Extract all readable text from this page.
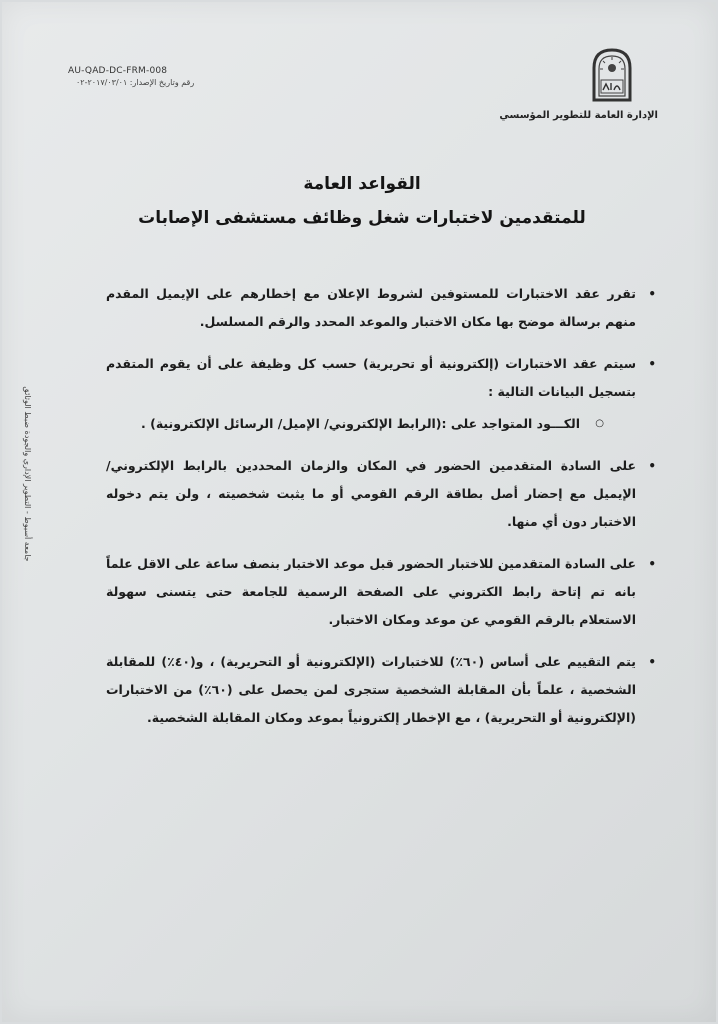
AU-QAD-DC-FRM-008
رقم وتاريخ الإصدار: ٢٠١٧/٠٣/٠١-٠٢
الإدارة العامة للتطوير المؤسسي
جامعة أسيوط - التطوير الإداري والجودة ضبط الوثائق
القواعد العامة
للمتقدمين لاختبارات شغل وظائف مستشفى الإصابات
•
تقرر عقد الاختبارات للمستوفين لشروط الإعلان مع إخطارهم على الإيميل المقدم منهم برسالة موضح بها مكان الاختبار والموعد المحدد والرقم المسلسل.
•
سيتم عقد الاختبارات (إلكترونية أو تحريرية) حسب كل وظيفة على أن يقوم المتقدم بتسجيل البيانات التالية :
○
الكـــود المتواجد على :(الرابط الإلكتروني/ الإميل/ الرسائل الإلكترونية) .
•
على السادة المتقدمين الحضور في المكان والزمان المحددين بالرابط الإلكتروني/ الإيميل مع إحضار أصل بطاقة الرقم القومي أو ما يثبت شخصيته ، ولن يتم دخوله الاختبار دون أي منها.
•
على السادة المتقدمين للاختبار الحضور قبل موعد الاختبار بنصف ساعة على الاقل علماً بانه تم إتاحة رابط الكتروني على الصفحة الرسمية للجامعة حتى يتسنى سهولة الاستعلام بالرقم القومي عن موعد ومكان الاختبار.
•
يتم التقييم على أساس (٦٠٪) للاختبارات (الإلكترونية أو التحريرية) ، و(٤٠٪) للمقابلة الشخصية ، علماً بأن المقابلة الشخصية ستجرى لمن يحصل على (٦٠٪) من الاختبارات (الإلكترونية أو التحريرية) ، مع الإخطار إلكترونياً بموعد ومكان المقابلة الشخصية.
